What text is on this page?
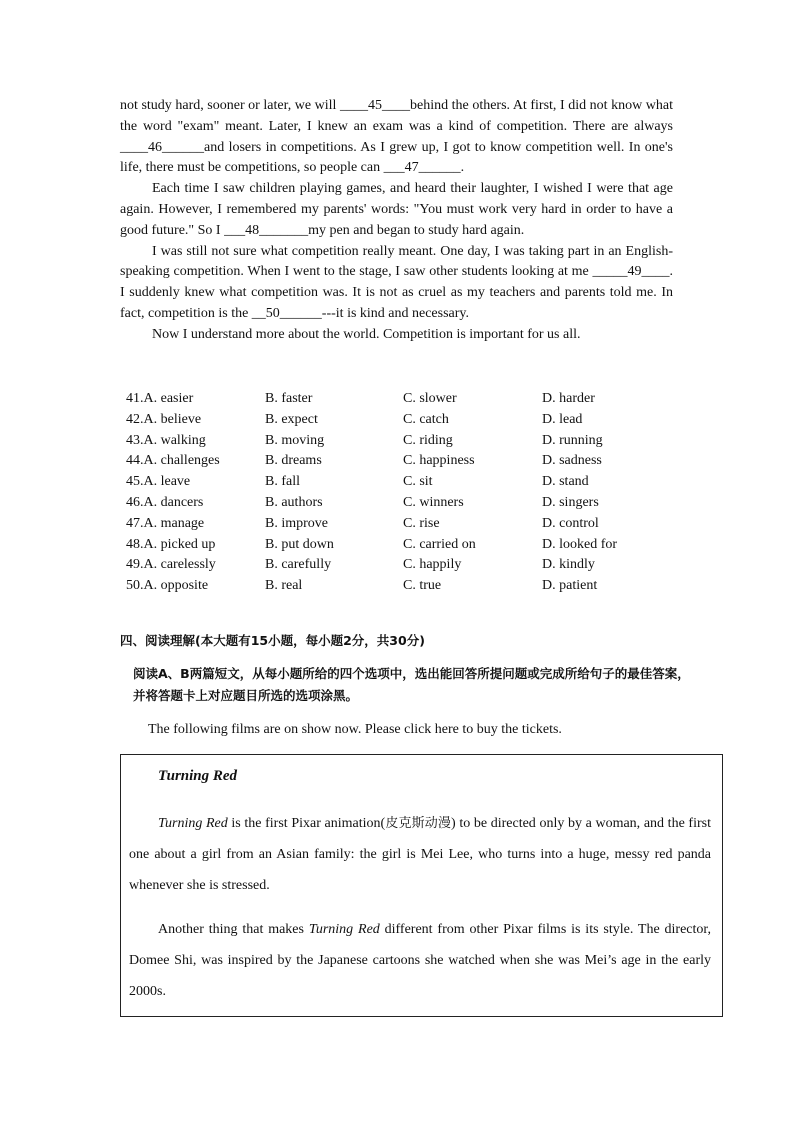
not study hard, sooner or later, we will ____45____behind the others. At first, I did not know what the word "exam" meant. Later, I knew an exam was a kind of competition. There are always ____46______and losers in competitions. As I grew up, I got to know competition well. In one's life, there must be competitions, so people can ___47______.

Each time I saw children playing games, and heard their laughter, I wished I were that age again. However, I remembered my parents' words: "You must work very hard in order to have a good future." So I ___48_______my pen and began to study hard again.

I was still not sure what competition really meant. One day, I was taking part in an English-speaking competition. When I went to the stage, I saw other students looking at me _____49____. I suddenly knew what competition was. It is not as cruel as my teachers and parents told me. In fact, competition is the __50______---it is kind and necessary.

Now I understand more about the world. Competition is important for us all.

41.A. easier	B. faster	C. slower	D. harder
42.A. believe	B. expect	C. catch	D. lead
43.A. walking	B. moving	C. riding	D. running
44.A. challenges	B. dreams	C. happiness	D. sadness
45.A. leave	B. fall	C. sit	D. stand
46.A. dancers	B. authors	C. winners	D. singers
47.A. manage	B. improve	C. rise	D. control
48.A. picked up	B. put down	C. carried on	D. looked for
49.A. carelessly	B. carefully	C. happily	D. kindly
50.A. opposite	B. real	C. true	D. patient
四、阅读理解(本大题有15小题，每小题2分，共30分)
阅读A、B两篇短文，从每小题所给的四个选项中，选出能回答所提问题或完成所给句子的最佳答案，并将答题卡上对应题目所选的选项涂黑。
The following films are on show now. Please click here to buy the tickets.
Turning Red
Turning Red is the first Pixar animation(皮克斯动漫) to be directed only by a woman, and the first one about a girl from an Asian family: the girl is Mei Lee, who turns into a huge, messy red panda whenever she is stressed.
Another thing that makes Turning Red different from other Pixar films is its style. The director, Domee Shi, was inspired by the Japanese cartoons she watched when she was Mei’s age in the early 2000s.
